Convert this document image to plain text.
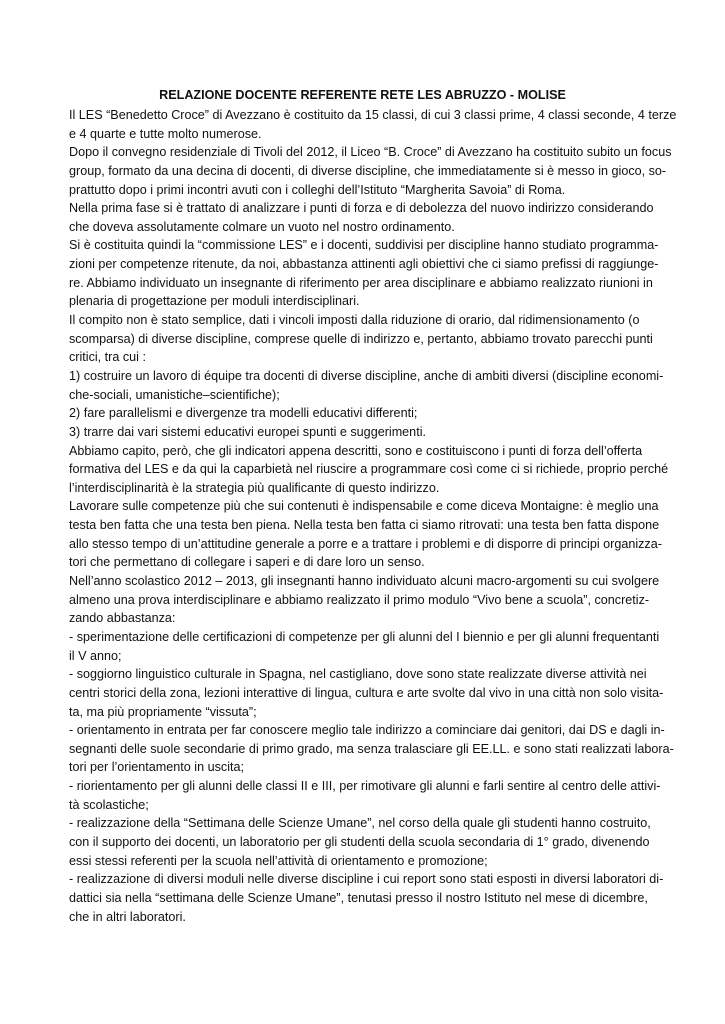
RELAZIONE DOCENTE REFERENTE RETE LES ABRUZZO - MOLISE
Il LES “Benedetto Croce” di Avezzano è costituito da 15 classi, di cui 3 classi prime, 4 classi seconde, 4 terze
e 4 quarte e tutte molto numerose.
Dopo il convegno residenziale di Tivoli del 2012, il Liceo “B. Croce” di Avezzano ha costituito subito un focus
group, formato da una decina di docenti, di diverse discipline, che immediatamente si è messo in gioco, so-
prattutto dopo i primi incontri avuti con i colleghi dell’Istituto “Margherita Savoia” di Roma.
Nella prima fase si è trattato di analizzare i punti di forza e di debolezza del nuovo indirizzo considerando
che doveva assolutamente colmare un vuoto nel nostro ordinamento.
Si è costituita quindi la “commissione LES” e i docenti, suddivisi per discipline hanno studiato programma-
zioni per competenze ritenute, da noi, abbastanza attinenti agli obiettivi che ci siamo prefissi di raggiunge-
re. Abbiamo individuato un insegnante di riferimento per area disciplinare e abbiamo realizzato riunioni in
plenaria di progettazione per moduli interdisciplinari.
Il compito non è stato semplice, dati i vincoli imposti dalla riduzione di orario, dal ridimensionamento (o
scomparsa) di diverse discipline, comprese quelle di indirizzo e, pertanto, abbiamo trovato parecchi punti
critici, tra cui :
1) costruire un lavoro di équipe tra docenti di diverse discipline, anche di ambiti diversi (discipline economi-
che-sociali, umanistiche–scientifiche);
2) fare parallelismi e divergenze tra modelli educativi differenti;
3) trarre dai vari sistemi educativi europei spunti e suggerimenti.
Abbiamo capito, però, che gli indicatori appena descritti, sono e costituiscono i punti di forza dell’offerta
formativa del LES e da qui la caparbietà nel riuscire a programmare così come ci si richiede, proprio perché
l’interdisciplinarità è la strategia più qualificante di questo indirizzo.
Lavorare sulle competenze più che sui contenuti è indispensabile e come diceva Montaigne: è meglio una
testa ben fatta che una testa ben piena. Nella testa ben fatta ci siamo ritrovati: una testa ben fatta dispone
allo stesso tempo di un’attitudine generale a porre e a trattare i problemi e di disporre di principi organizza-
tori che permettano di collegare i saperi e di dare loro un senso.
Nell’anno scolastico 2012 – 2013, gli insegnanti hanno individuato alcuni macro-argomenti su cui svolgere
almeno una prova interdisciplinare e abbiamo realizzato il primo modulo “Vivo bene a scuola”, concretiz-
zando abbastanza:
- sperimentazione delle certificazioni di competenze per gli alunni del I biennio e per gli alunni frequentanti
il V anno;
- soggiorno linguistico culturale in Spagna, nel castigliano, dove sono state realizzate diverse attività nei
centri storici della zona, lezioni interattive di lingua, cultura e arte svolte dal vivo in una città non solo visita-
ta, ma più propriamente “vissuta”;
- orientamento in entrata per far conoscere meglio tale indirizzo a cominciare dai genitori, dai DS e dagli in-
segnanti delle suole secondarie di primo grado, ma senza tralasciare gli EE.LL. e sono stati realizzati labora-
tori per l’orientamento in uscita;
- riorientamento per gli alunni delle classi II e III, per rimotivare gli alunni e farli sentire al centro delle attivi-
tà scolastiche;
- realizzazione della “Settimana delle Scienze Umane”, nel corso della quale gli studenti hanno costruito,
con il supporto dei docenti, un laboratorio per gli studenti della scuola secondaria di 1° grado, divenendo
essi stessi referenti per la scuola nell’attività di orientamento e promozione;
- realizzazione di diversi moduli nelle diverse discipline i cui report sono stati esposti in diversi laboratori di-
dattici sia nella “settimana delle Scienze Umane”, tenutasi presso il nostro Istituto nel mese di dicembre,
che in altri laboratori.
